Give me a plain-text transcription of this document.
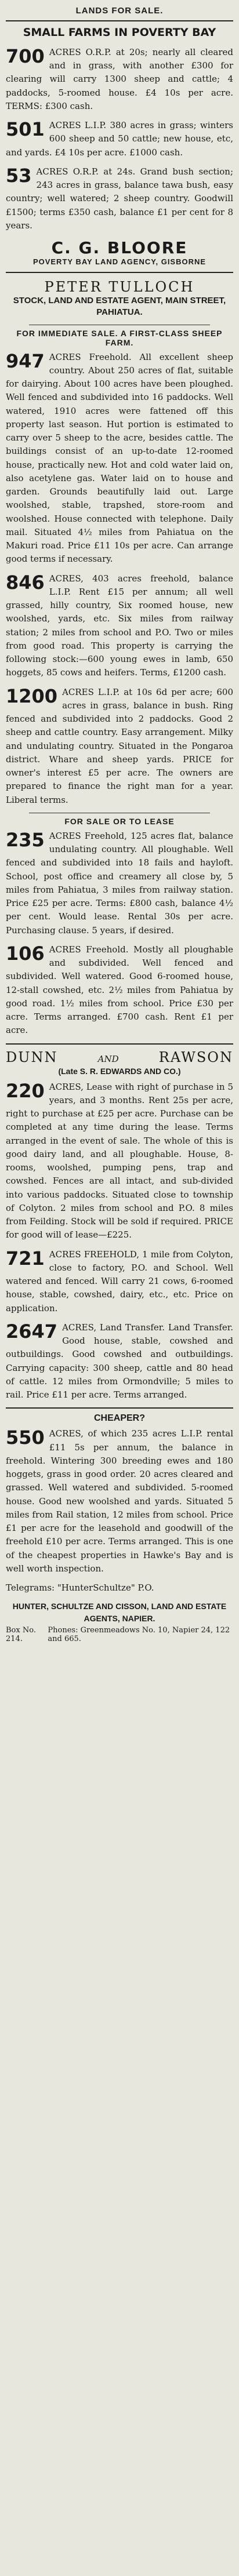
LANDS FOR SALE.
SMALL FARMS IN POVERTY BAY
700 ACRES O.R.P. at 20s; nearly all cleared and in grass, with another £300 for clearing will carry 1300 sheep and cattle; 4 paddocks, 5-roomed house. £4 10s per acre. TERMS: £300 cash.

501 ACRES L.I.P. 380 acres in grass; winters 600 sheep and 50 cattle; new house, etc, and yards. £4 10s per acre. £1000 cash.

53 ACRES O.R.P. at 24s. Grand bush section; 243 acres in grass, balance tawa bush, easy country; well watered; 2 sheep country. Goodwill £1500; terms £350 cash, balance £1 per cent for 8 years.

C. G. BLOORE
POVERTY BAY LAND AGENCY, GISBORNE
PETER TULLOCH
STOCK, LAND AND ESTATE AGENT, MAIN STREET, PAHIATUA.
FOR IMMEDIATE SALE. A FIRST-CLASS SHEEP FARM.
947 ACRES Freehold. All excellent sheep country. About 250 acres of flat, suitable for dairying. About 100 acres have been ploughed. Well fenced and subdivided into 16 paddocks. Well watered, 1910 acres were fattened off this property last season. Hut portion is estimated to carry over 5 sheep to the acre, besides cattle. The buildings consist of an up-to-date 12-roomed house, practically new. Hot and cold water laid on, also acetylene gas. Water laid on to house and garden. Grounds beautifully laid out. Large woolshed, stable, trapshed, store-room and woolshed. House connected with telephone. Daily mail. Situated 4½ miles from Pahiatua on the Makuri road. Price £11 10s per acre. Can arrange good terms if necessary.

846 ACRES, 403 acres freehold, balance L.I.P. Rent £15 per annum; all well grassed, hilly country, Six roomed house, new woolshed, yards, etc. Six miles from railway station; 2 miles from school and P.O. Two or miles from good road. This property is carrying the following stock:—600 young ewes in lamb, 650 hoggets, 85 cows and heifers. Terms, £1200 cash.

1200 ACRES L.I.P. at 10s 6d per acre; 600 acres in grass, balance in bush. Ring fenced and subdivided into 2 paddocks. Good 2 sheep and cattle country. Easy arrangement. Milky and undulating country. Situated in the Pongaroa district. Whare and sheep yards. PRICE for owner's interest £5 per acre. The owners are prepared to finance the right man for a year. Liberal terms.

FOR SALE OR TO LEASE
235 ACRES Freehold, 125 acres flat, balance undulating country. All ploughable. Well fenced and subdivided into 18 fails and hayloft. School, post office and creamery all close by, 5 miles from Pahiatua, 3 miles from railway station. Price £25 per acre. Terms: £800 cash, balance 4½ per cent. Would lease. Rental 30s per acre. Purchasing clause. 5 years, if desired.

106 ACRES Freehold. Mostly all ploughable and subdivided. Well fenced and subdivided. Well watered. Good 6-roomed house, 12-stall cowshed, etc. 2½ miles from Pahiatua by good road. 1½ miles from school. Price £30 per acre. Terms arranged. £700 cash. Rent £1 per acre.

DUNN	AND	RAWSON
(Late S. R. EDWARDS AND CO.)
220 ACRES, Lease with right of purchase in 5 years, and 3 months. Rent 25s per acre, right to purchase at £25 per acre. Purchase can be completed at any time during the lease. Terms arranged in the event of sale. The whole of this is good dairy land, and all ploughable. House, 8-rooms, woolshed, pumping pens, trap and cowshed. Fences are all intact, and sub-divided into various paddocks. Situated close to township of Colyton. 2 miles from school and P.O. 8 miles from Feilding. Stock will be sold if required. PRICE for good will of lease—£225.

721 ACRES FREEHOLD, 1 mile from Colyton, close to factory, P.O. and School. Well watered and fenced. Will carry 21 cows, 6-roomed house, stable, cowshed, dairy, etc., etc. Price on application.

2647 ACRES, Land Transfer. Land Transfer. Good house, stable, cowshed and outbuildings. Good cowshed and outbuildings. Carrying capacity: 300 sheep, cattle and 80 head of cattle. 12 miles from Ormondville; 5 miles to rail. Price £11 per acre. Terms arranged.

CHEAPER?
550 ACRES, of which 235 acres L.I.P. rental £11 5s per annum, the balance in freehold. Wintering 300 breeding ewes and 180 hoggets, grass in good order. 20 acres cleared and grassed. Well watered and subdivided. 5-roomed house. Good new woolshed and yards. Situated 5 miles from Rail station, 12 miles from school. Price £1 per acre for the leasehold and goodwill of the freehold £10 per acre. Terms arranged. This is one of the cheapest properties in Hawke's Bay and is well worth inspection.

Telegrams: "HunterSchultze" P.O.

HUNTER, SCHULTZE AND CISSON, LAND AND ESTATE AGENTS, NAPIER.
Box No. 214.
Phones: Greenmeadows No. 10, Napier 24, 122 and 665.
